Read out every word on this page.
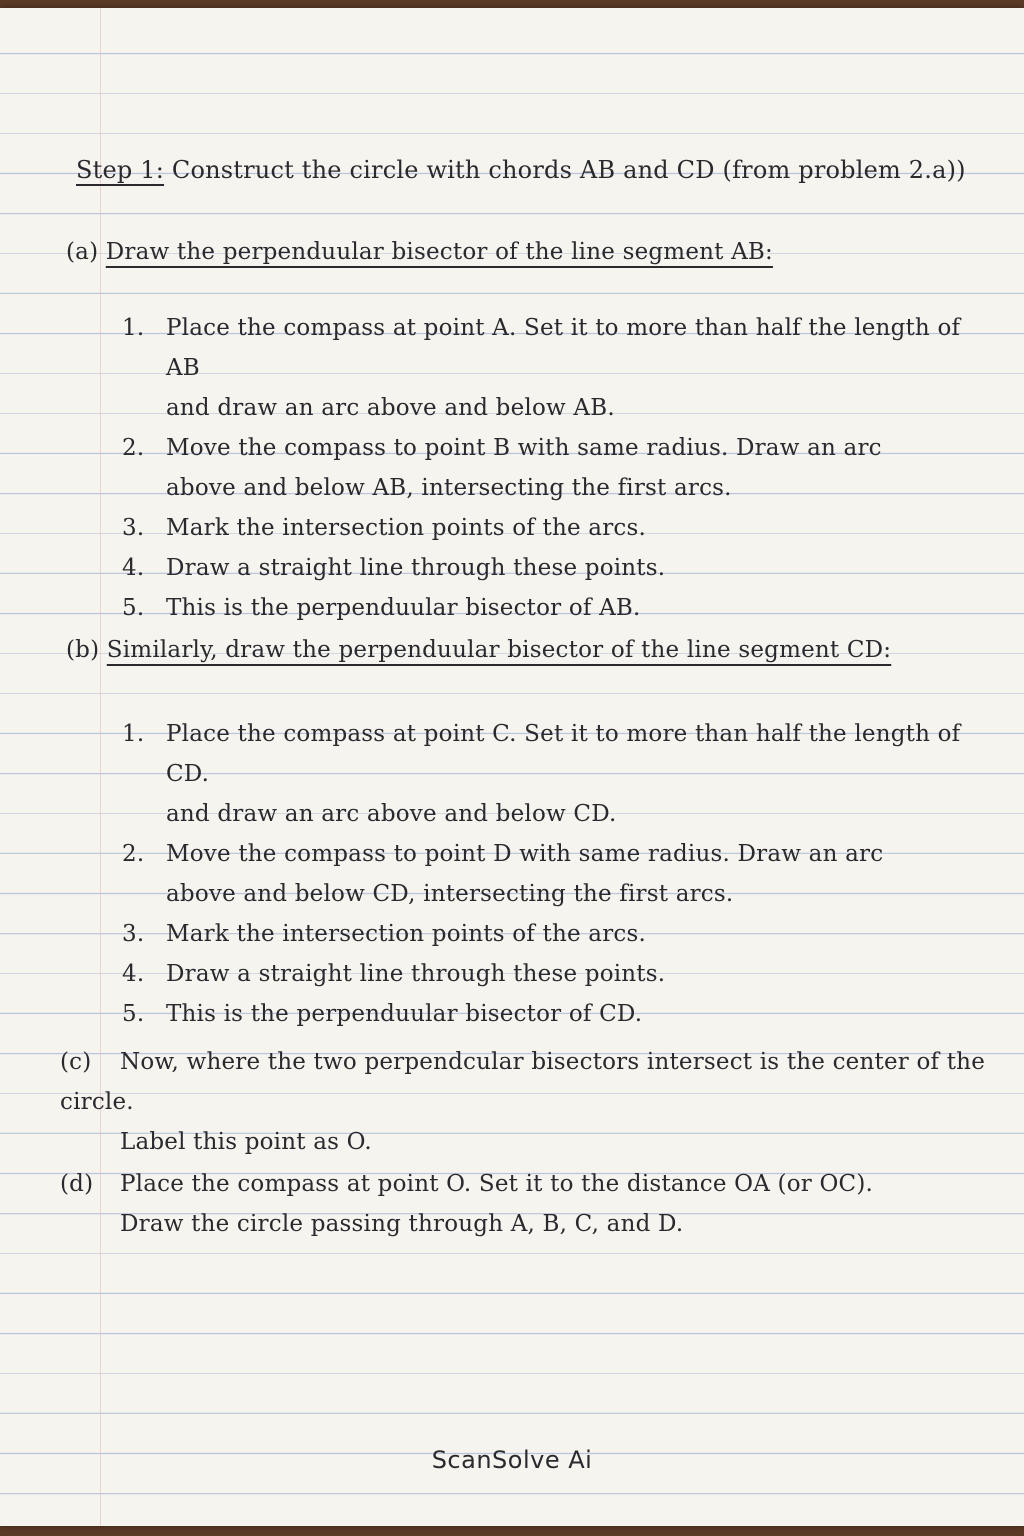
Step 1: Construct the circle with chords AB and CD (from problem 2.a))
(a) Draw the perpenduular bisector of the line segment AB:
1. Place the compass at point A. Set it to more than half the length of AB
and draw an arc above and below AB.
2. Move the compass to point B with same radius. Draw an arc
above and below AB, intersecting the first arcs.
3. Mark the intersection points of the arcs.
4. Draw a straight line through these points.
5. This is the perpenduular bisector of AB.
(b) Similarly, draw the perpenduular bisector of the line segment CD:
1. Place the compass at point C. Set it to more than half the length of CD.
and draw an arc above and below CD.
2. Move the compass to point D with same radius. Draw an arc
above and below CD, intersecting the first arcs.
3. Mark the intersection points of the arcs.
4. Draw a straight line through these points.
5. This is the perpenduular bisector of CD.
(c) Now, where the two perpendcular bisectors intersect is the center of the circle.
Label this point as O.
(d) Place the compass at point O. Set it to the distance OA (or OC).
Draw the circle passing through A, B, C, and D.
ScanSolve Ai
